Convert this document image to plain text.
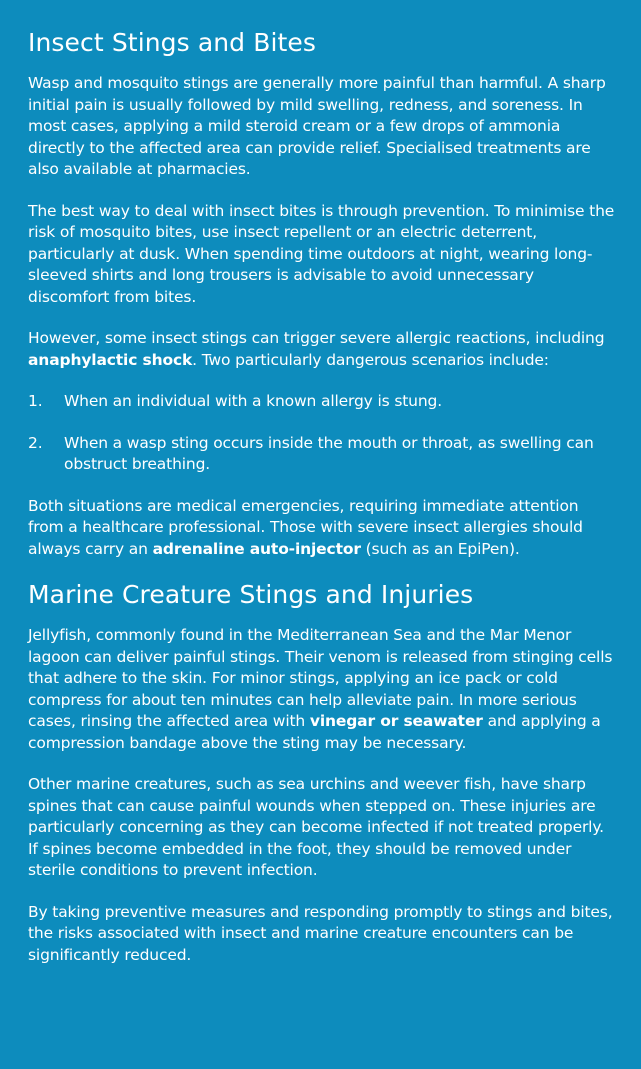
Insect Stings and Bites

Wasp and mosquito stings are generally more painful than harmful. A sharp initial pain is usually followed by mild swelling, redness, and soreness. In most cases, applying a mild steroid cream or a few drops of ammonia directly to the affected area can provide relief. Specialised treatments are also available at pharmacies.

The best way to deal with insect bites is through prevention. To minimise the risk of mosquito bites, use insect repellent or an electric deterrent, particularly at dusk. When spending time outdoors at night, wearing long-sleeved shirts and long trousers is advisable to avoid unnecessary discomfort from bites.

However, some insect stings can trigger severe allergic reactions, including anaphylactic shock. Two particularly dangerous scenarios include:

1.	When an individual with a known allergy is stung.
2.	When a wasp sting occurs inside the mouth or throat, as swelling can obstruct breathing.

Both situations are medical emergencies, requiring immediate attention from a healthcare professional. Those with severe insect allergies should always carry an adrenaline auto-injector (such as an EpiPen).

Marine Creature Stings and Injuries

Jellyfish, commonly found in the Mediterranean Sea and the Mar Menor lagoon can deliver painful stings. Their venom is released from stinging cells that adhere to the skin. For minor stings, applying an ice pack or cold compress for about ten minutes can help alleviate pain. In more serious cases, rinsing the affected area with vinegar or seawater and applying a compression bandage above the sting may be necessary.

Other marine creatures, such as sea urchins and weever fish, have sharp spines that can cause painful wounds when stepped on. These injuries are particularly concerning as they can become infected if not treated properly. If spines become embedded in the foot, they should be removed under sterile conditions to prevent infection.

By taking preventive measures and responding promptly to stings and bites, the risks associated with insect and marine creature encounters can be significantly reduced.
